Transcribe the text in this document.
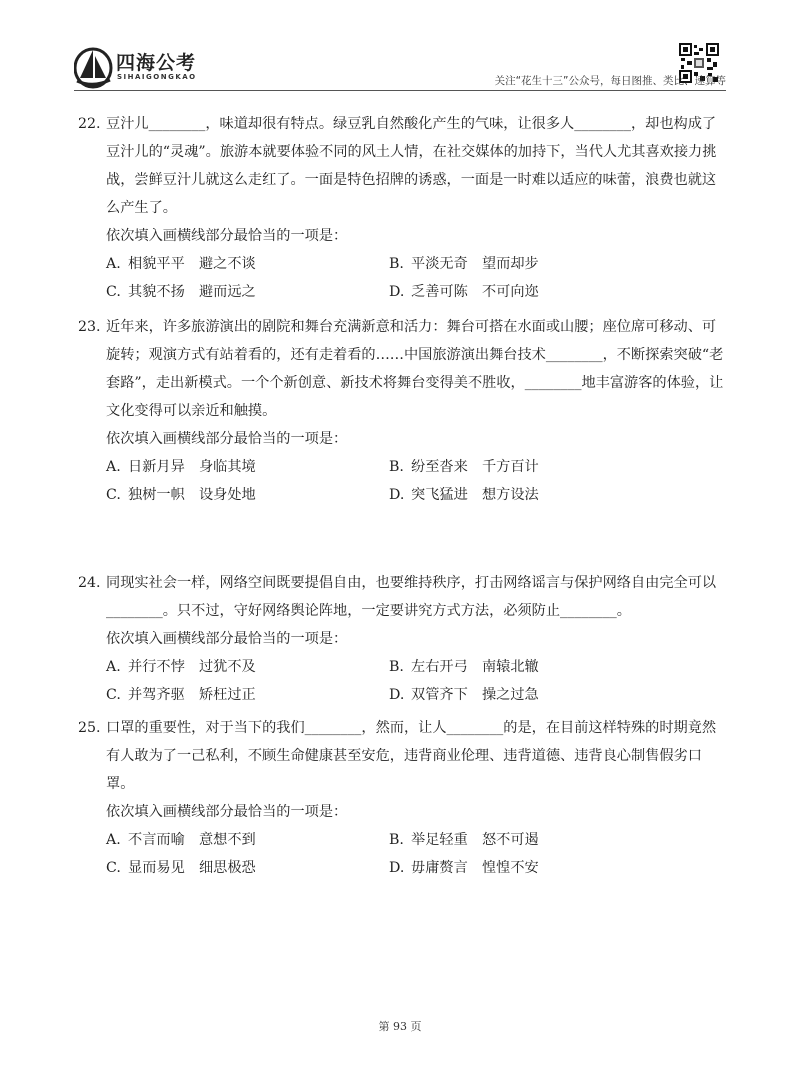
四海公考
SIHAIGONGKAO	关注“花生十三”公众号，每日图推、类比、速算等

22. 豆汁儿________，味道却很有特点。绿豆乳自然酸化产生的气味，让很多人________，却也构成了豆汁儿的“灵魂”。旅游本就要体验不同的风土人情，在社交媒体的加持下，当代人尤其喜欢接力挑战，尝鲜豆汁儿就这么走红了。一面是特色招牌的诱惑，一面是一时难以适应的味蕾，浪费也就这么产生了。

依次填入画横线部分最恰当的一项是：

A. 相貌平平　避之不谈	B. 平淡无奇　望而却步
C. 其貌不扬　避而远之	D. 乏善可陈　不可向迩

23. 近年来，许多旅游演出的剧院和舞台充满新意和活力：舞台可搭在水面或山腰；座位席可移动、可旋转；观演方式有站着看的，还有走着看的……中国旅游演出舞台技术________，不断探索突破“老套路”，走出新模式。一个个新创意、新技术将舞台变得美不胜收，________地丰富游客的体验，让文化变得可以亲近和触摸。

依次填入画横线部分最恰当的一项是：

A. 日新月异　身临其境	B. 纷至沓来　千方百计
C. 独树一帜　设身处地	D. 突飞猛进　想方设法

24. 同现实社会一样，网络空间既要提倡自由，也要维持秩序，打击网络谣言与保护网络自由完全可以________。只不过，守好网络舆论阵地，一定要讲究方式方法，必须防止________。

依次填入画横线部分最恰当的一项是：

A. 并行不悖　过犹不及	B. 左右开弓　南辕北辙
C. 并驾齐驱　矫枉过正	D. 双管齐下　操之过急

25. 口罩的重要性，对于当下的我们________，然而，让人________的是，在目前这样特殊的时期竟然有人敢为了一己私利，不顾生命健康甚至安危，违背商业伦理、违背道德、违背良心制售假劣口罩。

依次填入画横线部分最恰当的一项是：

A. 不言而喻　意想不到	B. 举足轻重　怒不可遏
C. 显而易见　细思极恐	D. 毋庸赘言　惶惶不安
第 93 页
